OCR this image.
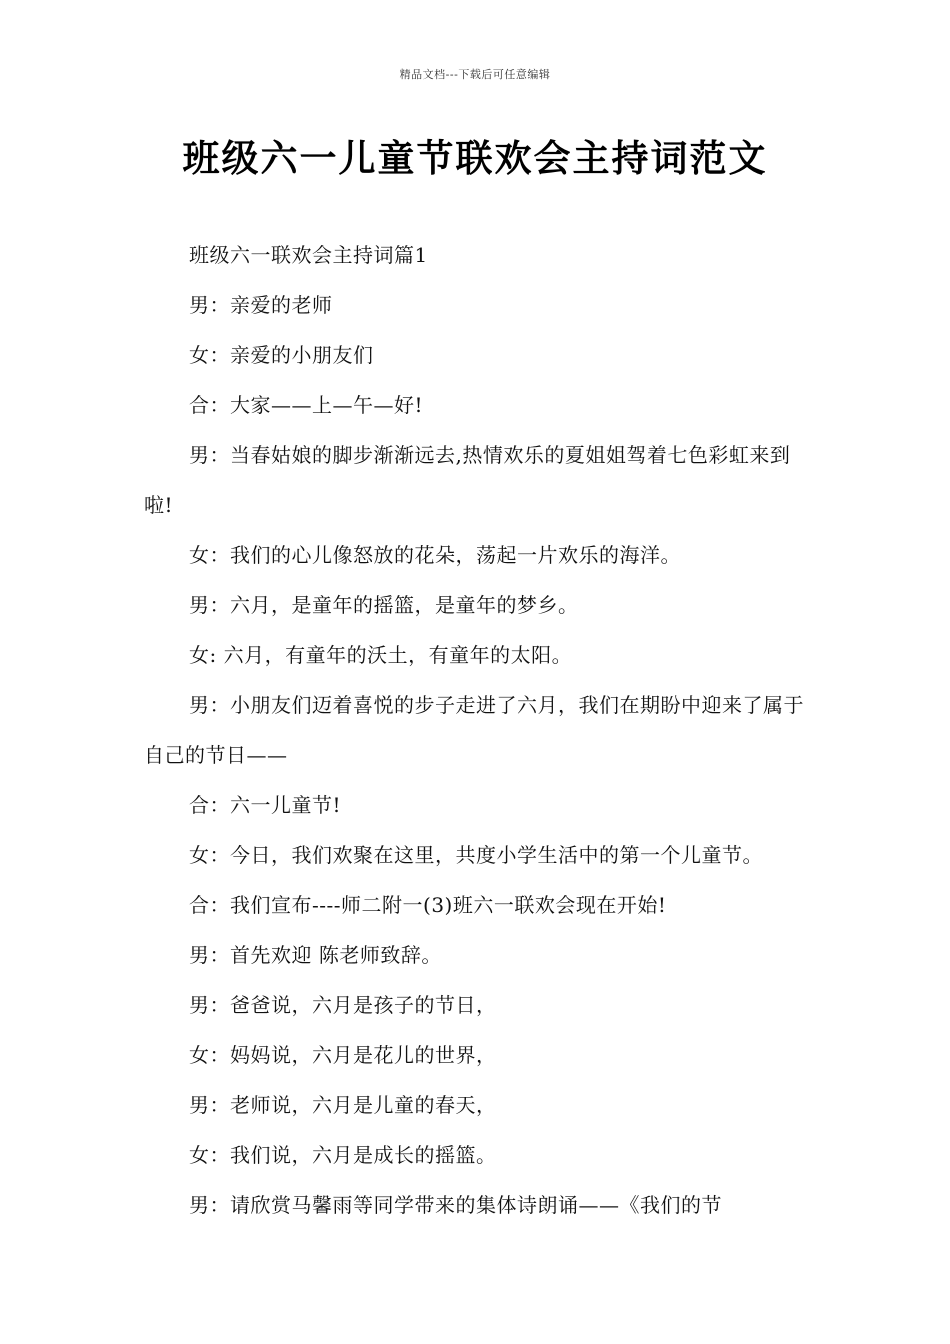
精品文档---下载后可任意编辑
班级六一儿童节联欢会主持词范文

班级六一联欢会主持词篇1

男：亲爱的老师

女：亲爱的小朋友们

合：大家——上—午—好!

男：当春姑娘的脚步渐渐远去,热情欢乐的夏姐姐驾着七色彩虹来到啦!

女：我们的心儿像怒放的花朵，荡起一片欢乐的海洋。

男：六月，是童年的摇篮，是童年的梦乡。

女: 六月，有童年的沃土，有童年的太阳。

男：小朋友们迈着喜悦的步子走进了六月，我们在期盼中迎来了属于自己的节日——

合：六一儿童节!

女：今日，我们欢聚在这里，共度小学生活中的第一个儿童节。

合：我们宣布----师二附一(3)班六一联欢会现在开始!

男：首先欢迎 陈老师致辞。

男：爸爸说，六月是孩子的节日，

女：妈妈说，六月是花儿的世界，

男：老师说，六月是儿童的春天，

女：我们说，六月是成长的摇篮。

男：请欣赏马馨雨等同学带来的集体诗朗诵——《我们的节
